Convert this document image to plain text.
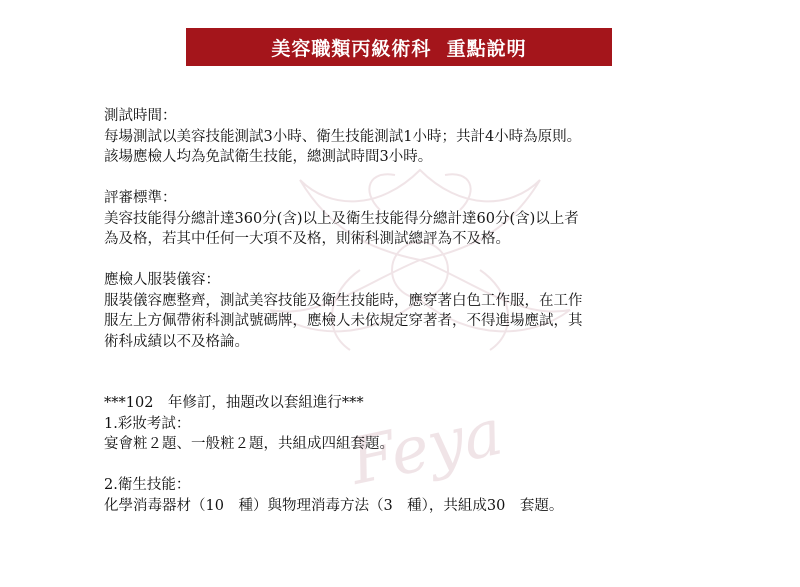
Feya
美容職類丙級術科  重點說明
測試時間：
每場測試以美容技能測試3小時、衛生技能測試1小時；共計4小時為原則。
該場應檢人均為免試衛生技能，總測試時間3小時。
評審標準：
美容技能得分總計達360分(含)以上及衛生技能得分總計達60分(含)以上者
為及格，若其中任何一大項不及格，則術科測試總評為不及格。
應檢人服裝儀容：
服裝儀容應整齊，測試美容技能及衛生技能時，應穿著白色工作服，在工作
服左上方佩帶術科測試號碼牌，應檢人未依規定穿著者，不得進場應試，其
術科成績以不及格論。
***102　年修訂，抽題改以套組進行***
1.彩妝考試：
宴會粧２題、一般粧２題，共組成四組套題。
2.衛生技能：
化學消毒器材（10　種）與物理消毒方法（3　種），共組成30　套題。
